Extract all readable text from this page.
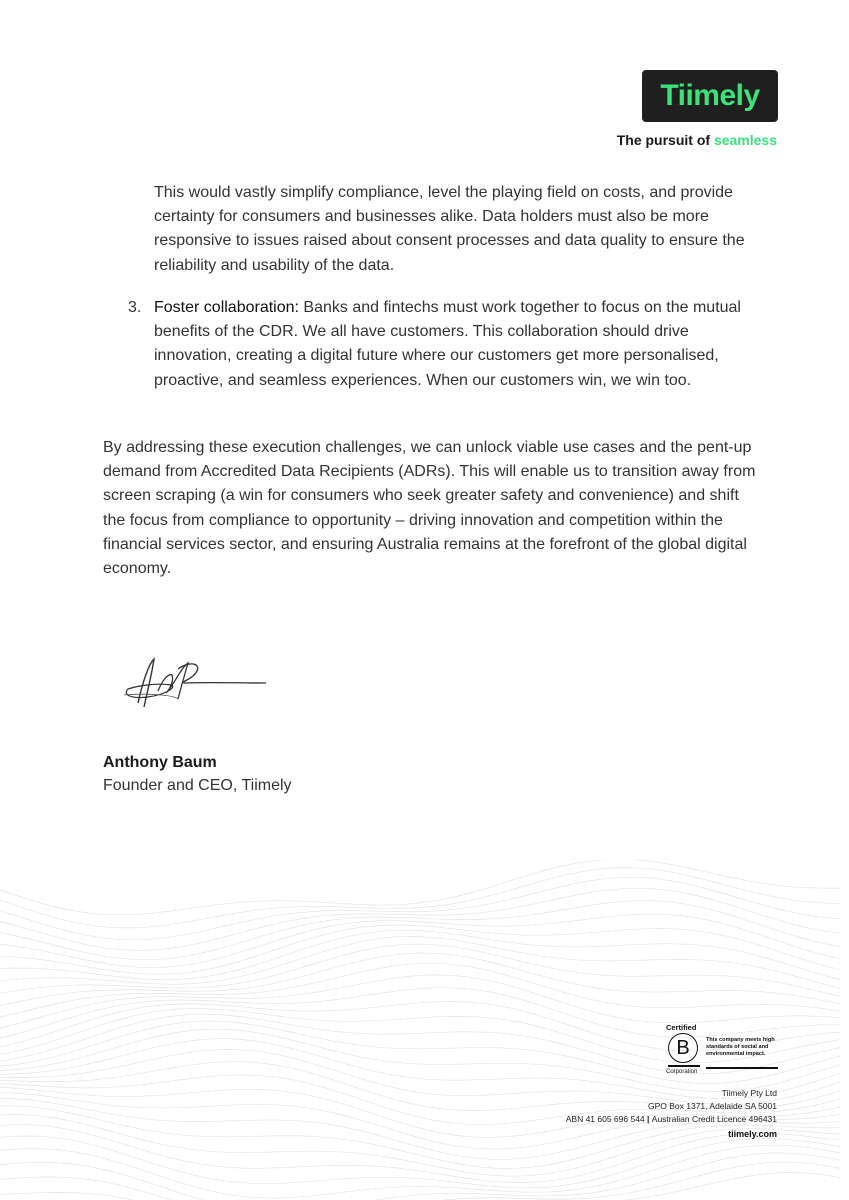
Tiimely
The pursuit of seamless

This would vastly simplify compliance, level the playing field on costs, and provide certainty for consumers and businesses alike. Data holders must also be more responsive to issues raised about consent processes and data quality to ensure the reliability and usability of the data.

3. Foster collaboration: Banks and fintechs must work together to focus on the mutual benefits of the CDR. We all have customers. This collaboration should drive innovation, creating a digital future where our customers get more personalised, proactive, and seamless experiences. When our customers win, we win too.

By addressing these execution challenges, we can unlock viable use cases and the pent-up demand from Accredited Data Recipients (ADRs). This will enable us to transition away from screen scraping (a win for consumers who seek greater safety and convenience) and shift the focus from compliance to opportunity – driving innovation and competition within the financial services sector, and ensuring Australia remains at the forefront of the global digital economy.

Anthony Baum
Founder and CEO, Tiimely
Certified
B
Corporation
This company meets high standards of social and environmental impact.
Tiimely Pty Ltd
GPO Box 1371, Adelaide SA 5001
ABN 41 605 696 544 | Australian Credit Licence 496431
tiimely.com
